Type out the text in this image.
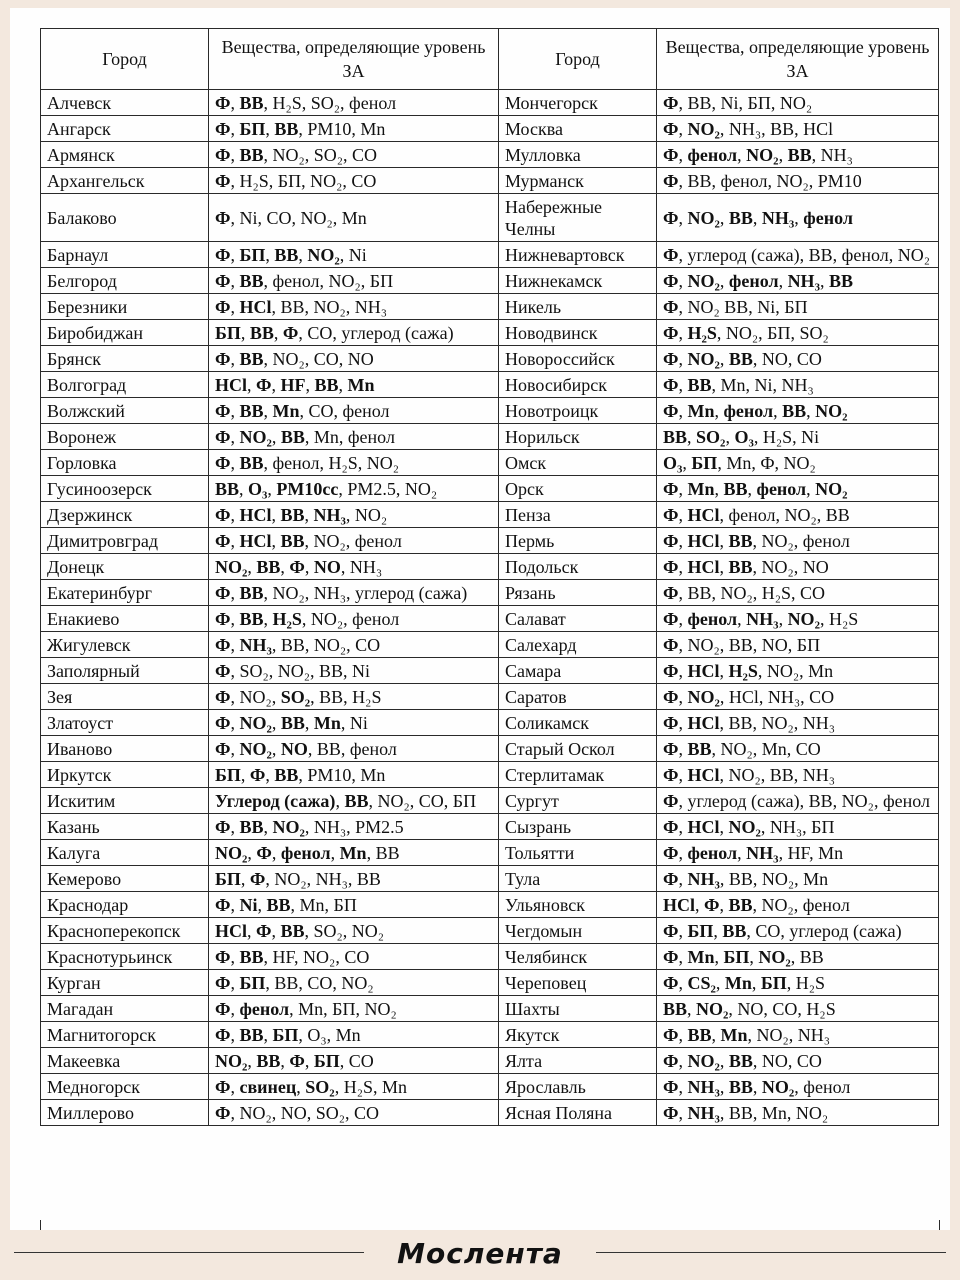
Город	Вещества, определяющие уровень ЗА	Город	Вещества, определяющие уровень ЗА
Алчевск	Ф, ВВ, H₂S, SO₂, фенол	Мончегорск	Ф, ВВ, Ni, БП, NO₂
Ангарск	Ф, БП, ВВ, PM10, Mn	Москва	Ф, NO₂, NH₃, ВВ, HCl
Армянск	Ф, ВВ, NO₂, SO₂, CO	Мулловка	Ф, фенол, NO₂, ВВ, NH₃
Архангельск	Ф, H₂S, БП, NO₂, CO	Мурманск	Ф, ВВ, фенол, NO₂, PM10
Балаково	Ф, Ni, CO, NO₂, Mn	Набережные Челны	Ф, NO₂, ВВ, NH₃, фенол
Барнаул	Ф, БП, ВВ, NO₂, Ni	Нижневартовск	Ф, углерод (сажа), ВВ, фенол, NO₂
Белгород	Ф, ВВ, фенол, NO₂, БП	Нижнекамск	Ф, NO₂, фенол, NH₃, ВВ
Березники	Ф, HCl, ВВ, NO₂, NH₃	Никель	Ф, NO₂ ВВ, Ni, БП
Биробиджан	БП, ВВ, Ф, CO, углерод (сажа)	Новодвинск	Ф, H₂S, NO₂, БП, SO₂
Брянск	Ф, ВВ, NO₂, CO, NO	Новороссийск	Ф, NO₂, ВВ, NO, CO
Волгоград	HCl, Ф, HF, ВВ, Mn	Новосибирск	Ф, ВВ, Mn, Ni, NH₃
Волжский	Ф, ВВ, Mn, CO, фенол	Новотроицк	Ф, Mn, фенол, ВВ, NO₂
Воронеж	Ф, NO₂, ВВ, Mn, фенол	Норильск	ВВ, SO₂, O₃, H₂S, Ni
Горловка	Ф, ВВ, фенол, H₂S, NO₂	Омск	O₃, БП, Mn, Ф, NO₂
Гусиноозерск	ВВ, O₃, PM10сс, PM2.5, NO₂	Орск	Ф, Mn, ВВ, фенол, NO₂
Дзержинск	Ф, HCl, ВВ, NH₃, NO₂	Пенза	Ф, HCl, фенол, NO₂, ВВ
Димитровград	Ф, HCl, ВВ, NO₂, фенол	Пермь	Ф, HCl, ВВ, NO₂, фенол
Донецк	NO₂, ВВ, Ф, NO, NH₃	Подольск	Ф, HCl, ВВ, NO₂, NO
Екатеринбург	Ф, ВВ, NO₂, NH₃, углерод (сажа)	Рязань	Ф, ВВ, NO₂, H₂S, CO
Енакиево	Ф, ВВ, H₂S, NO₂, фенол	Салават	Ф, фенол, NH₃, NO₂, H₂S
Жигулевск	Ф, NH₃, ВВ, NO₂, CO	Салехард	Ф, NO₂, ВВ, NO, БП
Заполярный	Ф, SO₂, NO₂, ВВ, Ni	Самара	Ф, HCl, H₂S, NO₂, Mn
Зея	Ф, NO₂, SO₂, ВВ, H₂S	Саратов	Ф, NO₂, HCl, NH₃, CO
Златоуст	Ф, NO₂, ВВ, Mn, Ni	Соликамск	Ф, HCl, ВВ, NO₂, NH₃
Иваново	Ф, NO₂, NO, ВВ, фенол	Старый Оскол	Ф, ВВ, NO₂, Mn, CO
Иркутск	БП, Ф, ВВ, PM10, Mn	Стерлитамак	Ф, HCl, NO₂, ВВ, NH₃
Искитим	Углерод (сажа), ВВ, NO₂, CO, БП	Сургут	Ф, углерод (сажа), ВВ, NO₂, фенол
Казань	Ф, ВВ, NO₂, NH₃, PM2.5	Сызрань	Ф, HCl, NO₂, NH₃, БП
Калуга	NO₂, Ф, фенол, Mn, ВВ	Тольятти	Ф, фенол, NH₃, HF, Mn
Кемерово	БП, Ф, NO₂, NH₃, ВВ	Тула	Ф, NH₃, ВВ, NO₂, Mn
Краснодар	Ф, Ni, ВВ, Mn, БП	Ульяновск	HCl, Ф, ВВ, NO₂, фенол
Красноперекопск	HCl, Ф, ВВ, SO₂, NO₂	Чегдомын	Ф, БП, ВВ, CO, углерод (сажа)
Краснотурьинск	Ф, ВВ, HF, NO₂, CO	Челябинск	Ф, Mn, БП, NO₂, ВВ
Курган	Ф, БП, ВВ, CO, NO₂	Череповец	Ф, CS₂, Mn, БП, H₂S
Магадан	Ф, фенол, Mn, БП, NO₂	Шахты	ВВ, NO₂, NO, CO, H₂S
Магнитогорск	Ф, ВВ, БП, O₃, Mn	Якутск	Ф, ВВ, Mn, NO₂, NH₃
Макеевка	NO₂, ВВ, Ф, БП, CO	Ялта	Ф, NO₂, ВВ, NO, CO
Медногорск	Ф, свинец, SO₂, H₂S, Mn	Ярославль	Ф, NH₃, ВВ, NO₂, фенол
Миллерово	Ф, NO₂, NO, SO₂, CO	Ясная Поляна	Ф, NH₃, ВВ, Mn, NO₂
Мослента
